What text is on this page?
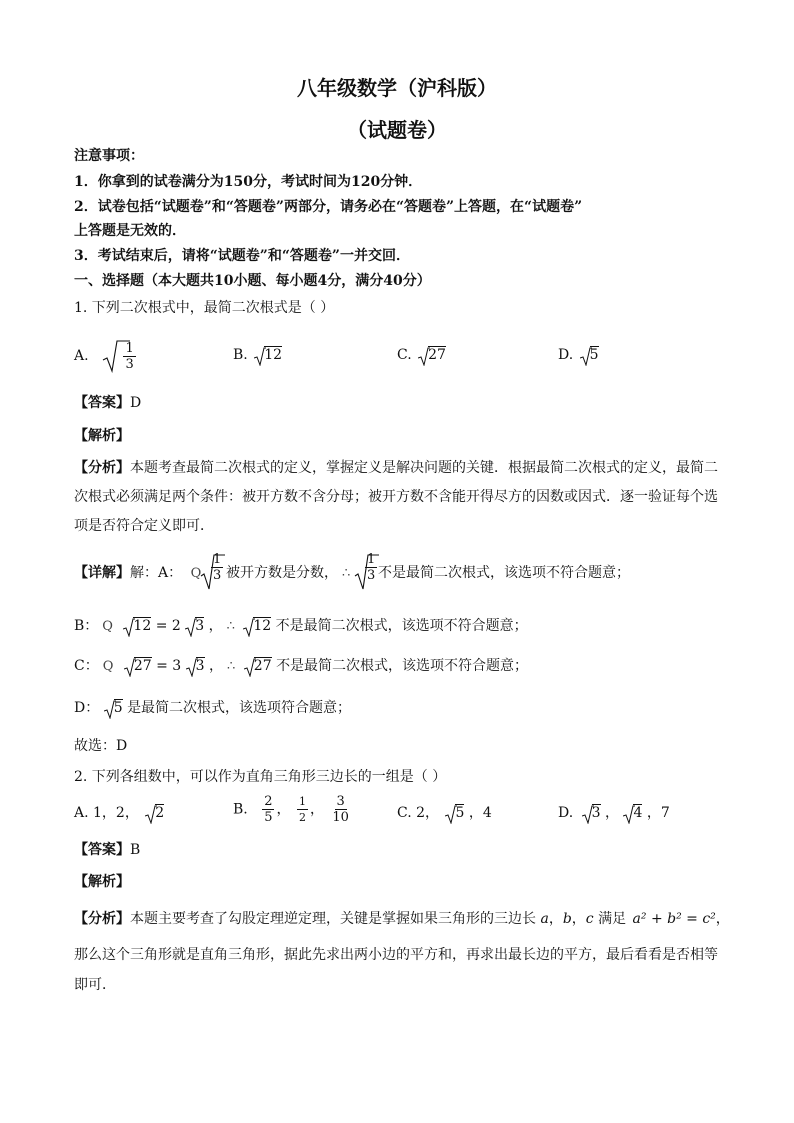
八年级数学（沪科版）
（试题卷）
注意事项：
1．你拿到的试卷满分为150分，考试时间为120分钟．
2．试卷包括“试题卷”和“答题卷”两部分，请务必在“答题卷”上答题，在“试题卷”
上答题是无效的．
3．考试结束后，请将“试题卷”和“答题卷”一并交回．
一、选择题（本大题共10小题、每小题4分，满分40分）
1. 下列二次根式中，最简二次根式是（ ）
A.	$\frac{1}{3}$	B. 12	C. 27	D. 5
【答案】D
【解析】
【分析】本题考查最简二次根式的定义，掌握定义是解决问题的关键．根据最简二次根式的定义，最简二
次根式必须满足两个条件：被开方数不含分母；被开方数不含能开得尽方的因数或因式．逐一验证每个选
项是否符合定义即可．
【详解】解：A： Q $\frac{1}{3}$ 被开方数是分数， ∴	$\frac{1}{3}$ 不是最简二次根式，该选项不符合题意；
B： Q 12 = 2 3 ， ∴ 12 不是最简二次根式，该选项不符合题意；
C： Q 27 = 3 3 ， ∴ 27 不是最简二次根式，该选项不符合题意；
D： 5 是最简二次根式，该选项符合题意；
故选：D
2. 下列各组数中，可以作为直角三角形三边长的一组是（ ）
A. 1，2， 2	B. $\frac{2}{5}$ ， $\frac{1}{2}$ ， $\frac{3}{10}$	C. 2， 5 ，4	D. 3 ， 4 ，7
【答案】B
【解析】
【分析】本题主要考查了勾股定理逆定理，关键是掌握如果三角形的三边长 a，b，c 满足 a² + b² = c²，
那么这个三角形就是直角三角形，据此先求出两小边的平方和，再求出最长边的平方，最后看看是否相等
即可．
